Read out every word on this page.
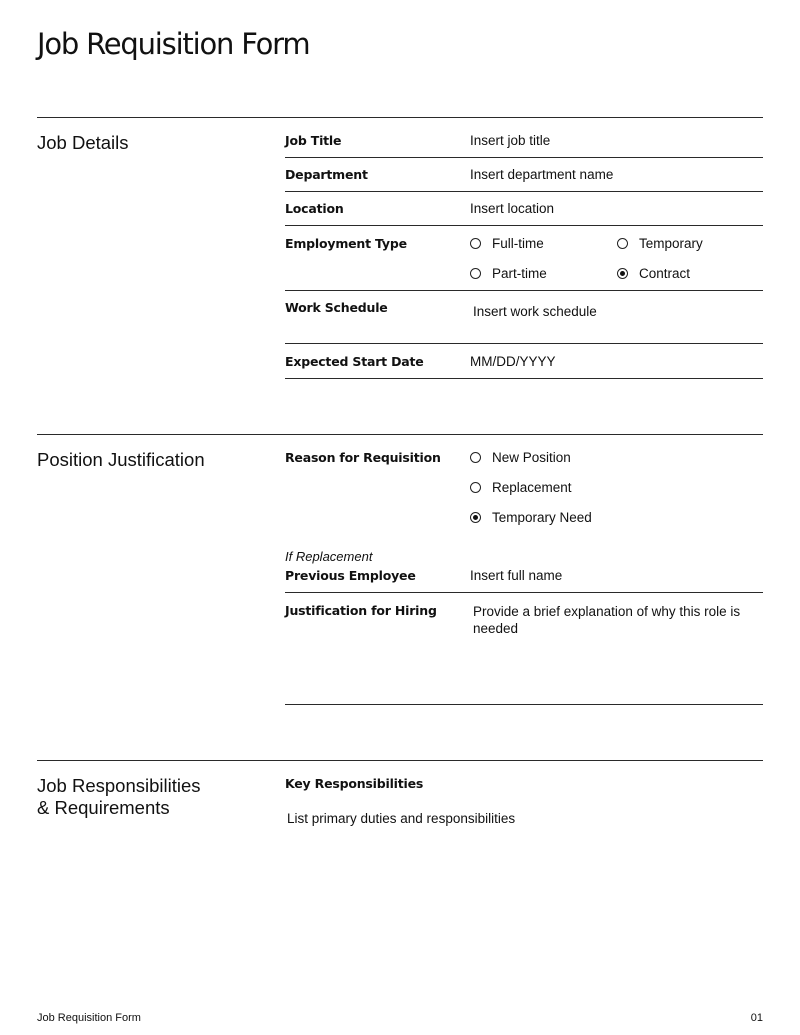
Job Requisition Form
Job Details	Job Title	Insert job title
Department	Insert department name
Location	Insert location
Employment Type	Full-time	Temporary
Part-time	Contract
Work Schedule	Insert work schedule
Expected Start Date	MM/DD/YYYY
Position Justification	Reason for Requisition	New Position
Replacement
Temporary Need
If Replacement
Previous Employee	Insert full name
Justification for Hiring	Provide a brief explanation of why this role is needed
Job Responsibilities
& Requirements
Key Responsibilities
List primary duties and responsibilities
Job Requisition Form	01
